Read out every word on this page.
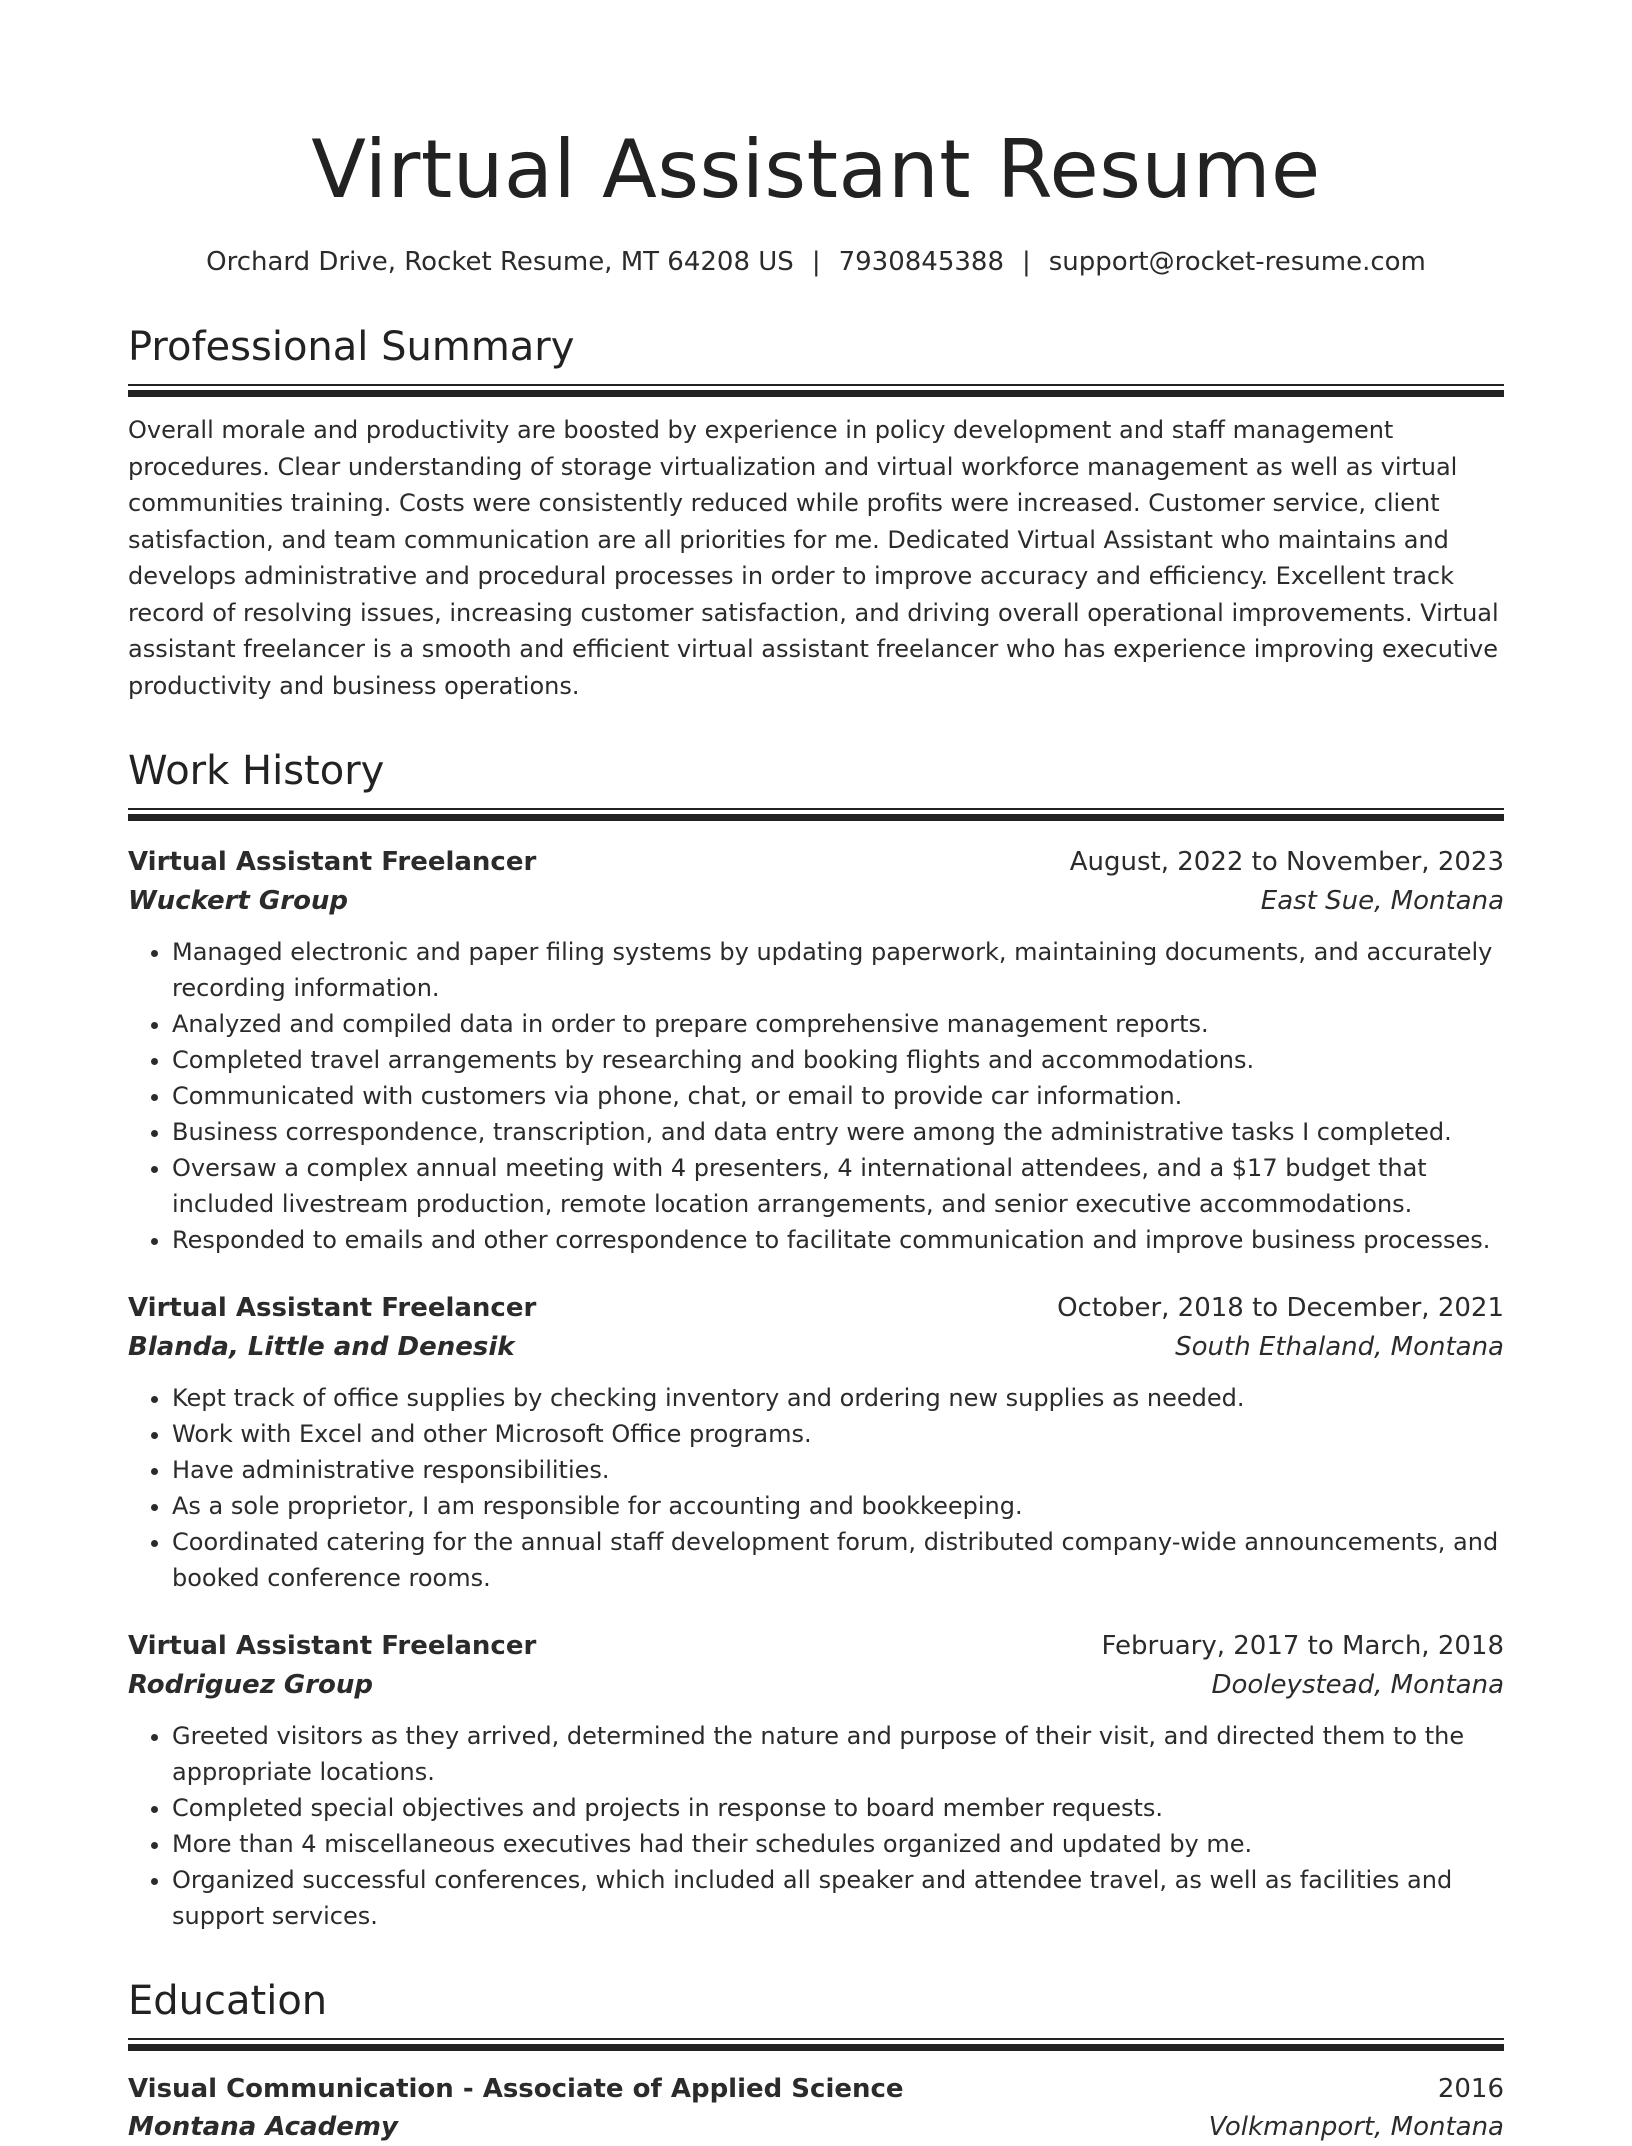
Virtual Assistant Resume
Orchard Drive, Rocket Resume, MT 64208 US | 7930845388 | support@rocket-resume.com
Professional Summary
Overall morale and productivity are boosted by experience in policy development and staff management procedures. Clear understanding of storage virtualization and virtual workforce management as well as virtual communities training. Costs were consistently reduced while profits were increased. Customer service, client satisfaction, and team communication are all priorities for me. Dedicated Virtual Assistant who maintains and develops administrative and procedural processes in order to improve accuracy and efficiency. Excellent track record of resolving issues, increasing customer satisfaction, and driving overall operational improvements. Virtual assistant freelancer is a smooth and efficient virtual assistant freelancer who has experience improving executive productivity and business operations.
Work History
Virtual Assistant Freelancer	August, 2022 to November, 2023
Wuckert Group	East Sue, Montana
• Managed electronic and paper filing systems by updating paperwork, maintaining documents, and accurately recording information.
• Analyzed and compiled data in order to prepare comprehensive management reports.
• Completed travel arrangements by researching and booking flights and accommodations.
• Communicated with customers via phone, chat, or email to provide car information.
• Business correspondence, transcription, and data entry were among the administrative tasks I completed.
• Oversaw a complex annual meeting with 4 presenters, 4 international attendees, and a $17 budget that included livestream production, remote location arrangements, and senior executive accommodations.
• Responded to emails and other correspondence to facilitate communication and improve business processes.
Virtual Assistant Freelancer	October, 2018 to December, 2021
Blanda, Little and Denesik	South Ethaland, Montana
• Kept track of office supplies by checking inventory and ordering new supplies as needed.
• Work with Excel and other Microsoft Office programs.
• Have administrative responsibilities.
• As a sole proprietor, I am responsible for accounting and bookkeeping.
• Coordinated catering for the annual staff development forum, distributed company-wide announcements, and booked conference rooms.
Virtual Assistant Freelancer	February, 2017 to March, 2018
Rodriguez Group	Dooleystead, Montana
• Greeted visitors as they arrived, determined the nature and purpose of their visit, and directed them to the appropriate locations.
• Completed special objectives and projects in response to board member requests.
• More than 4 miscellaneous executives had their schedules organized and updated by me.
• Organized successful conferences, which included all speaker and attendee travel, as well as facilities and support services.
Education
Visual Communication - Associate of Applied Science	2016
Montana Academy	Volkmanport, Montana
